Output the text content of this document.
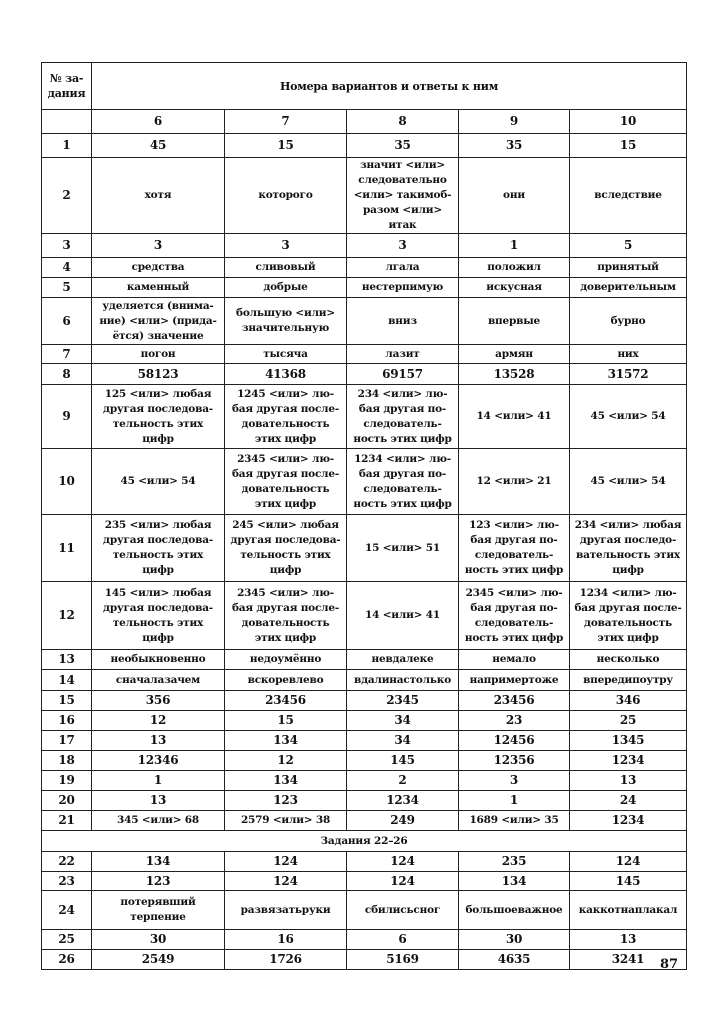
№ за-
дания	Номера вариантов и ответы к ним				
	6	7	8	9	10
1	45	15	35	35	15
2	хотя	которого	значит <или>
следовательно
<или> такимоб-
разом <или>
итак	они	вследствие
3	3	3	3	1	5
4	средства	сливовый	лгала	положил	принятый
5	каменный	добрые	нестерпимую	искусная	доверительным
6	уделяется (внима-
ние) <или> (прида-
ётся) значение	большую <или>
значительную	вниз	впервые	бурно
7	погон	тысяча	лазит	армян	них
8	58123	41368	69157	13528	31572
9	125 <или> любая
другая последова-
тельность этих
цифр	1245 <или> лю-
бая другая после-
довательность
этих цифр	234 <или> лю-
бая другая по-
следователь-
ность этих цифр	14 <или> 41	45 <или> 54
10	45 <или> 54	2345 <или> лю-
бая другая после-
довательность
этих цифр	1234 <или> лю-
бая другая по-
следователь-
ность этих цифр	12 <или> 21	45 <или> 54
11	235 <или> любая
другая последова-
тельность этих
цифр	245 <или> любая
другая последова-
тельность этих
цифр	15 <или> 51	123 <или> лю-
бая другая по-
следователь-
ность этих цифр	234 <или> любая
другая последо-
вательность этих
цифр
12	145 <или> любая
другая последова-
тельность этих
цифр	2345 <или> лю-
бая другая после-
довательность
этих цифр	14 <или> 41	2345 <или> лю-
бая другая по-
следователь-
ность этих цифр	1234 <или> лю-
бая другая после-
довательность
этих цифр
13	необыкновенно	недоумённо	невдалеке	немало	несколько
14	сначалазачем	вскоревлево	вдалинастолько	напримертоже	впередипоутру
15	356	23456	2345	23456	346
16	12	15	34	23	25
17	13	134	34	12456	1345
18	12346	12	145	12356	1234
19	1	134	2	3	13
20	13	123	1234	1	24
21	345 <или> 68	2579 <или> 38	249	1689 <или> 35	1234
Задания 22–26					
22	134	124	124	235	124
23	123	124	124	134	145
24	потерявший
терпение	развязатьруки	сбилисьсног	большоеважное	каккотнаплакал
25	30	16	6	30	13
26	2549	1726	5169	4635	3241 87
